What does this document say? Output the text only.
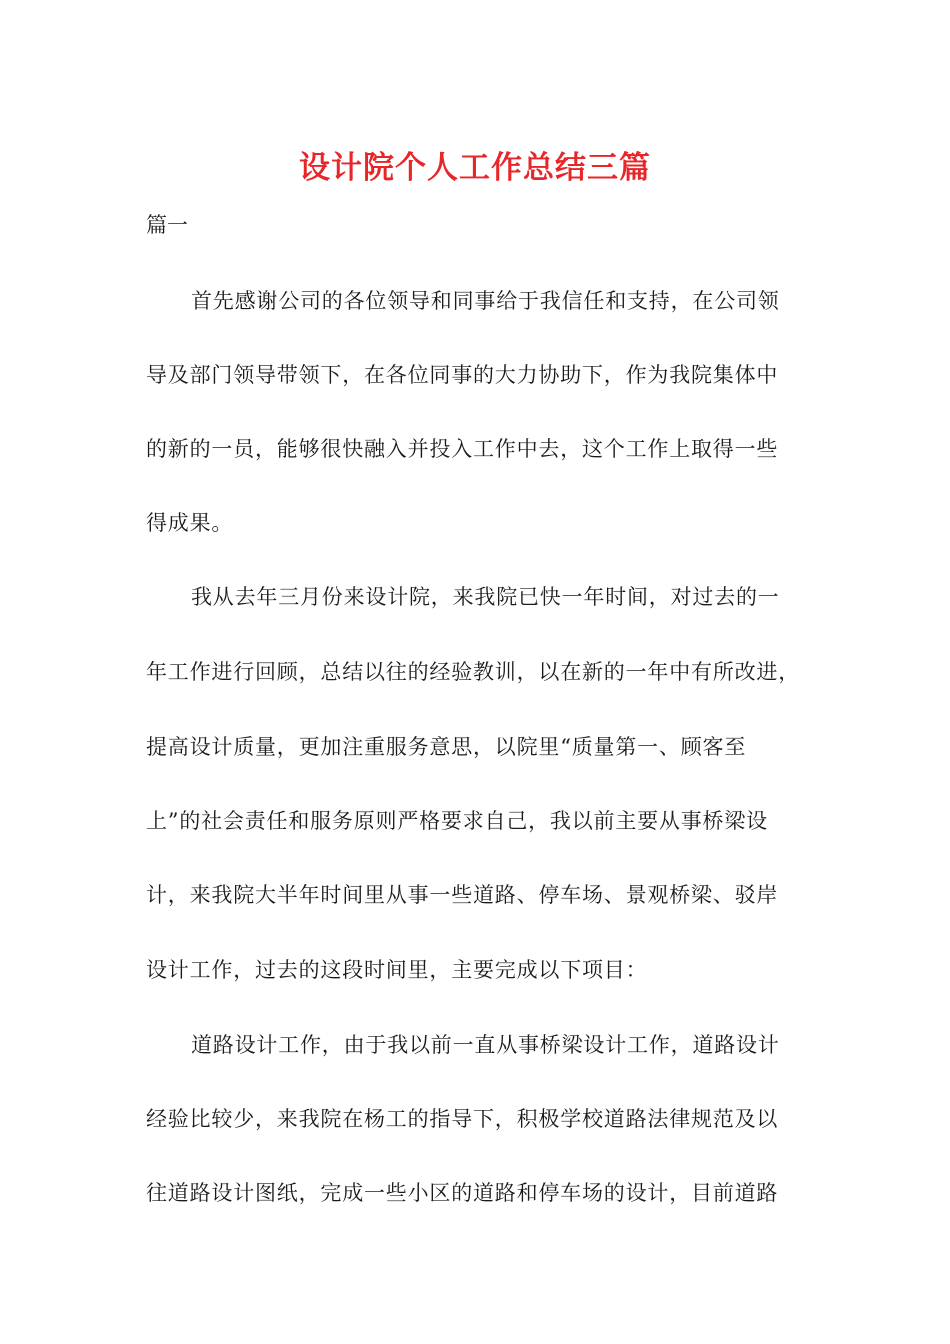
设计院个人工作总结三篇

篇一

首先感谢公司的各位领导和同事给于我信任和支持，在公司领

导及部门领导带领下，在各位同事的大力协助下，作为我院集体中

的新的一员，能够很快融入并投入工作中去，这个工作上取得一些

得成果。

我从去年三月份来设计院，来我院已快一年时间，对过去的一

年工作进行回顾，总结以往的经验教训，以在新的一年中有所改进，

提高设计质量，更加注重服务意思，以院里“质量第一、顾客至

上”的社会责任和服务原则严格要求自己，我以前主要从事桥梁设

计，来我院大半年时间里从事一些道路、停车场、景观桥梁、驳岸

设计工作，过去的这段时间里，主要完成以下项目：

道路设计工作，由于我以前一直从事桥梁设计工作，道路设计

经验比较少，来我院在杨工的指导下，积极学校道路法律规范及以

往道路设计图纸，完成一些小区的道路和停车场的设计，目前道路
